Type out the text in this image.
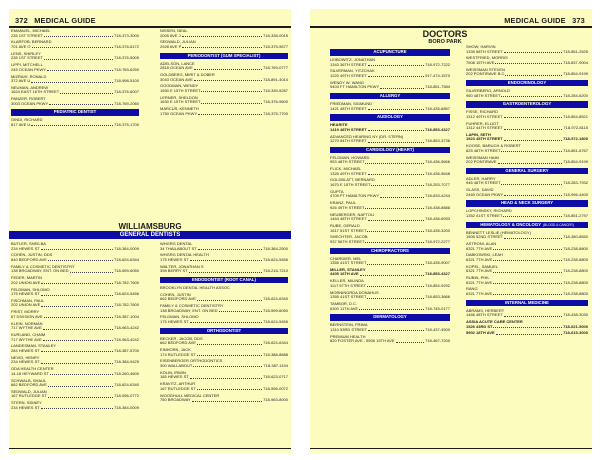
372 MEDICAL GUIDE
EMANUEL, MICHAEL
235 1ST STREET	718-373-3000
KLARFOB, BERNARD
701 AVE O	718-376-6172
LENS, SHIRLEY
235 1ST STREET	718-376-5005
LIPPI, MITCHELL
245 OCEAN PKWY	718-769-6250
MIZRAHI, RONALD
372 AVE U	718-998-5100
NEUMAN, ANDREW
1624 EAST 16TH STREET	718-376-6007
PANZER, ROBERT
3003 OCEAN PKWY	718-769-2060
PEDIATRIC DENTIST
GINDI, RICHARD
817 AVE U	718-375-1700
NISSEN, NEAL
2005 AVE J	718-338-0015
SEDWALD, JULIAN
2928 AVE P	718-375-9677
PERIODONTIST (GUM SPECIALIST)
ADELSON, LANCE
2818 OCEAN AVE	718-769-0777
GOLDBERG, MIRIT & DOBER
3043 OCEAN AVE	718-891-4014
GOODMAN, WENDY
1590 E 15TH STREET	718-339-5287
LERNER, SHELDON
1630 E 15TH STREET	718-376-9600
MARCUS, KENNETH
1750 OCEAN PKWY	718-375-7700
WILLIAMSBURG
GENERAL DENTISTS
BUTLER, SHEILBA
234 HEWES ST	718-384-0009
COHEN, JUSTIN, DDS
840 BEDFORD AVE	718-624-6344
FAMILY & COSMETIC DENTISTRY
138 BROADWAY, ENT. ON BED	718-599-6050
FEDER, MARTIN
202 UNION AVE	718-782-7600
FELDMAN, SHLOMO
175 HEWES ST	718-624-5456
FISCHMAN, PAUL
202 UNION AVE	718-782-7600
FRIST, MORRY
67 DIVISION AVE	718-387-1004
KLEIN, NORMAN
717 WYTHE AVE	718-963-4242
KURLAND, CHAIM
717 WYTHE AVE	718-963-4242
LANDESMAN, STANLEY
284 HEWES ST	718-387-5700
NEVID, HENRY
234 HEWES ST	718-384-9425
ODA HEALTH CENTER
14-16 HEYWARD ST	718-260-4600
SCHWALB, SHAUL
662 BEDFORD AVE	718-624-6340
SEDWALD, JULIAN
167 RUTLEDGE ST	718-596-0772
STERN, SIDNEY
234 HEWES ST	718-384-0009
WHGRG DENTAL
34 THAILABOUT ST	718-384-2500
WHGRG DENTAL HEALTH
175 HEWES ST	718-624-5456
WALTER, JONATHAN S
398 BERRY ST	718-218-7210
ENDODONTIST (ROOT CANAL)
BROOKLYN DENTAL HEALTH ASSOC
COHEN, JUSTIN
662 BEDFORD AVE	718-624-6340
FAMILY & COSMETIC DENTISTRY
138 BROADWAY, ENT. ON BED	718-599-6050
FELDMAN, SHLOMO
175 HEWES ST	718-624-5456
ORTHODONTIST
BECKER, JACOB, DDS
662 BEDFORD AVE	718-624-6344
EINHORN, JACK
174 RUTLEDGE ST	718-388-8688
EISENBERGER ORTHODONTICS
300 WALLABOUT	718-387-1194
KOLIN, IRWIN
185 HEWES ST	718-623-0717
KRAVITZ, ARTHUR
167 RUTLEDGE ST	718-596-0072
WOODHULL MEDICAL CENTER
760 BROADWAY	718-963-8000
MEDICAL GUIDE 373
DOCTORS
BORO PARK
ACUPUNCTURE
LEIBOWITZ, JONATHAN
1343 36TH STREET	718-972-7222
SILVERMAN, YITZCHAK
1220 49TH STREET	917-474-1570
WENDY W. WANG
5404 FT HAMILTON PKWY	718-851-7584
ALLERGY
FRIEDMAN, SIGMUND
1421 48TH STREET	718-435-6857
AUDIOLOGY
HEARITE
1419 48TH STREET	718-853-4327
ADVANCED HEARING NY (DR. STERN)
1270 54TH STREET	718-853-3736
CARDIOLOGY (HEART)
FELDMAN, HOWARD
953 48TH STREET	718-436-5666
FLICK, MICHAEL
1325 49TH STREET	718-436-5648
GOLDBLATT, BERNARD
1670 E 15TH STREET	718-253-7077
GUPTA
4709 FT HAMILTON PKWY	718-633-4244
KRANZ, PAUL
926 49TH STREET	718-438-8888
NEUBERGER, NAFTOLI
1464 48TH STREET	718-436-6933
RUBE, GERALD
1617 51ST STREET	718-435-3200
SHECHTER, JACOB
937 56TH STREET	718-972-2277
CHIROPRACTORS
CHARDIER, MEL
1355 41ST STREET	718-435-9007
MILLER, STANLEY
4405 16TH AVE	718-853-4327
KELLER, MILINDA
1117 57TH STREET	718-854-9292
MORNINGRDA DONAHUS
1355 41ST STREET	718-853-3666
TAMBOR, D.C.
6300 11TH AVE	718-745-0177
DERMATOLOGY
BERNSTEIN, FRIMA
1310 53RD STREET	718-437-4500
PREMIUM HEALTH
820 FOSTER AVE - 5506 15TH AVE	718-467-7200
SHOW, HARVIN
1339 58TH STREET	718-851-2525
WESTFRIED, MORRIS
7508 15TH AVE	718-837-9004
WEISSMAN STEVEN
202 PONTIRAVE B.C	718-854-9199
ENDOCRINOLOGY
SILVERBERG, ARNOLD
960 48TH STREET	718-284-6200
GASTROENTEROLOGY
FISSE, RICHARD
1312 49TH STREET	718-854-8521
FUHRER, ELLIOT
1312 44TH STREET	718-972-8115
LAPIN, SETH
1523 45TH STREET	718-972-1800
KOOSE, BARUCH & ROBERT
825 48TH STREET	718-851-6767
WEISSMAN HAIM
202 PONTIRAVE	718-854-9199
GENERAL SURGERY
ADLER, HARRY
946 48TH STREET	718-283-7932
GLASS, DAVID
2469 OCEAN PKWY	718-996-4400
HEAD & NECK SURGERY
LOPCHINSKY, RICHARD
1352 41ST STREET	718-851-2797
HEMATOLOGY & ONCOLOGY (BLOOD & CANCER)
BENNETT LESLIE (HEMATOLOGY)
1505 52ND STREET	718-380-8550
ASTRONI, ALAN
6321 7TH AVE	718-238-8800
DABKOWSKI, LEAH
6321 7TH AVE	718-238-8800
KOPEL, SAMUEL
6321 7TH AVE	718-238-8800
RUBIN, PHIL
6321 7TH AVE	718-238-8800
RANG
6321 7TH AVE	718-238-8800
INTERNAL MEDICINE
ABRAMS, HERBERT
1466 48TH STREET	718-438-3030
ASSIA ACUTE CARE CENTER
1526 43RD ST	718-621-5000
5902 18TH AVE	718-615-3000
